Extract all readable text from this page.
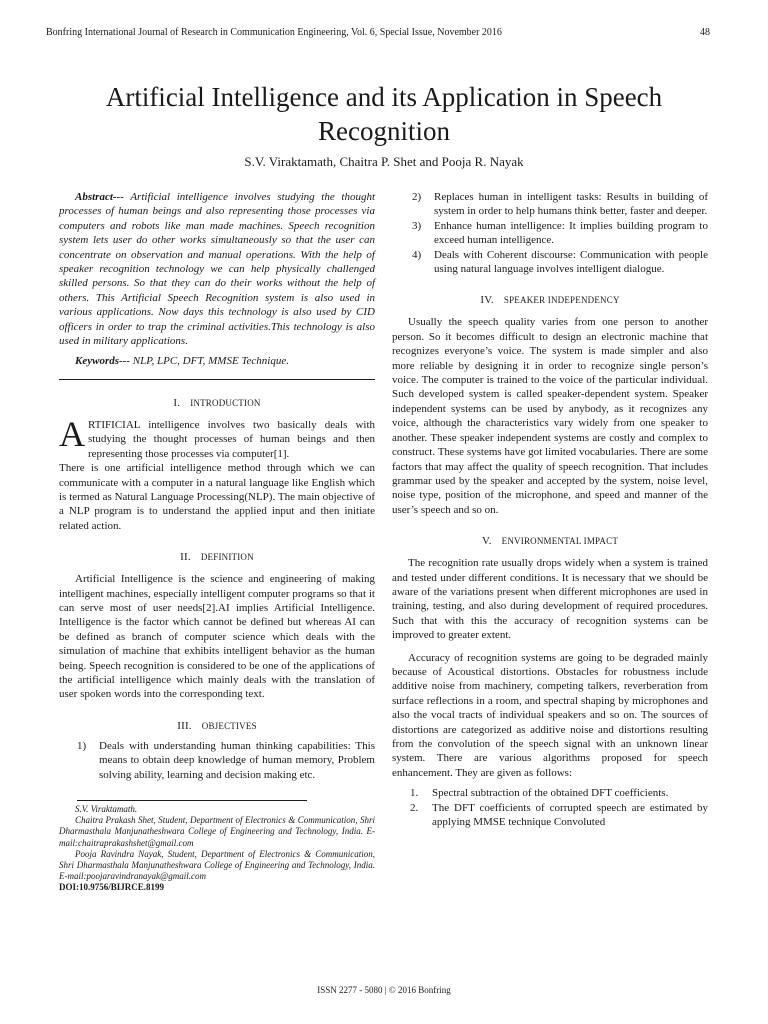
Bonfring International Journal of Research in Communication Engineering, Vol. 6, Special Issue, November 2016	48
Artificial Intelligence and its Application in Speech Recognition
S.V. Viraktamath, Chaitra P. Shet and Pooja R. Nayak

Abstract--- Artificial intelligence involves studying the thought processes of human beings and also representing those processes via computers and robots like man made machines. Speech recognition system lets user do other works simultaneously so that the user can concentrate on observation and manual operations. With the help of speaker recognition technology we can help physically challenged skilled persons. So that they can do their works without the help of others. This Artificial Speech Recognition system is also used in various applications. Now days this technology is also used by CID officers in order to trap the criminal activities.This technology is also used in military applications.

Keywords--- NLP, LPC, DFT, MMSE Technique.

I. INTRODUCTION

ARTIFICIAL intelligence involves two basically deals with studying the thought processes of human beings and then representing those processes via computer[1].

There is one artificial intelligence method through which we can communicate with a computer in a natural language like English which is termed as Natural Language Processing(NLP). The main objective of a NLP program is to understand the applied input and then initiate related action.

II. DEFINITION

Artificial Intelligence is the science and engineering of making intelligent machines, especially intelligent computer programs so that it can serve most of user needs[2].AI implies Artificial Intelligence. Intelligence is the factor which cannot be defined but whereas AI can be defined as branch of computer science which deals with the simulation of machine that exhibits intelligent behavior as the human being. Speech recognition is considered to be one of the applications of the artificial intelligence which mainly deals with the translation of user spoken words into the corresponding text.

III. OBJECTIVES
1)	Deals with understanding human thinking capabilities: This means to obtain deep knowledge of human memory, Problem solving ability, learning and decision making etc.

S.V. Viraktamath.

Chaitra Prakash Shet, Student, Department of Electronics & Communication, Shri Dharmasthala Manjunatheshwara College of Engineering and Technology, India. E-mail:chaitraprakashshet@gmail.com

Pooja Ravindra Nayak, Student, Department of Electronics & Communication, Shri Dharmasthala Manjunatheshwara College of Engineering and Technology, India. E-mail:poojaravindranayak@gmail.com

DOI:10.9756/BIJRCE.8199

2)	Replaces human in intelligent tasks: Results in building of system in order to help humans think better, faster and deeper.
3)	Enhance human intelligence: It implies building program to exceed human intelligence.
4)	Deals with Coherent discourse: Communication with people using natural language involves intelligent dialogue.
IV. SPEAKER INDEPENDENCY

Usually the speech quality varies from one person to another person. So it becomes difficult to design an electronic machine that recognizes everyone’s voice. The system is made simpler and also more reliable by designing it in order to recognize single person’s voice. The computer is trained to the voice of the particular individual. Such developed system is called speaker-dependent system. Speaker independent systems can be used by anybody, as it recognizes any voice, although the characteristics vary widely from one speaker to another. These speaker independent systems are costly and complex to construct. These systems have got limited vocabularies. There are some factors that may affect the quality of speech recognition. That includes grammar used by the speaker and accepted by the system, noise level, noise type, position of the microphone, and speed and manner of the user’s speech and so on.

V. ENVIRONMENTAL IMPACT

The recognition rate usually drops widely when a system is trained and tested under different conditions. It is necessary that we should be aware of the variations present when different microphones are used in training, testing, and also during development of required procedures. Such that with this the accuracy of recognition systems can be improved to greater extent.

Accuracy of recognition systems are going to be degraded mainly because of Acoustical distortions. Obstacles for robustness include additive noise from machinery, competing talkers, reverberation from surface reflections in a room, and spectral shaping by microphones and also the vocal tracts of individual speakers and so on. The sources of distortions are categorized as additive noise and distortions resulting from the convolution of the speech signal with an unknown linear system. There are various algorithms proposed for speech enhancement. They are given as follows:

1.	Spectral subtraction of the obtained DFT coefficients.
2.	The DFT coefficients of corrupted speech are estimated by applying MMSE technique Convoluted
ISSN 2277 - 5080 | © 2016 Bonfring
